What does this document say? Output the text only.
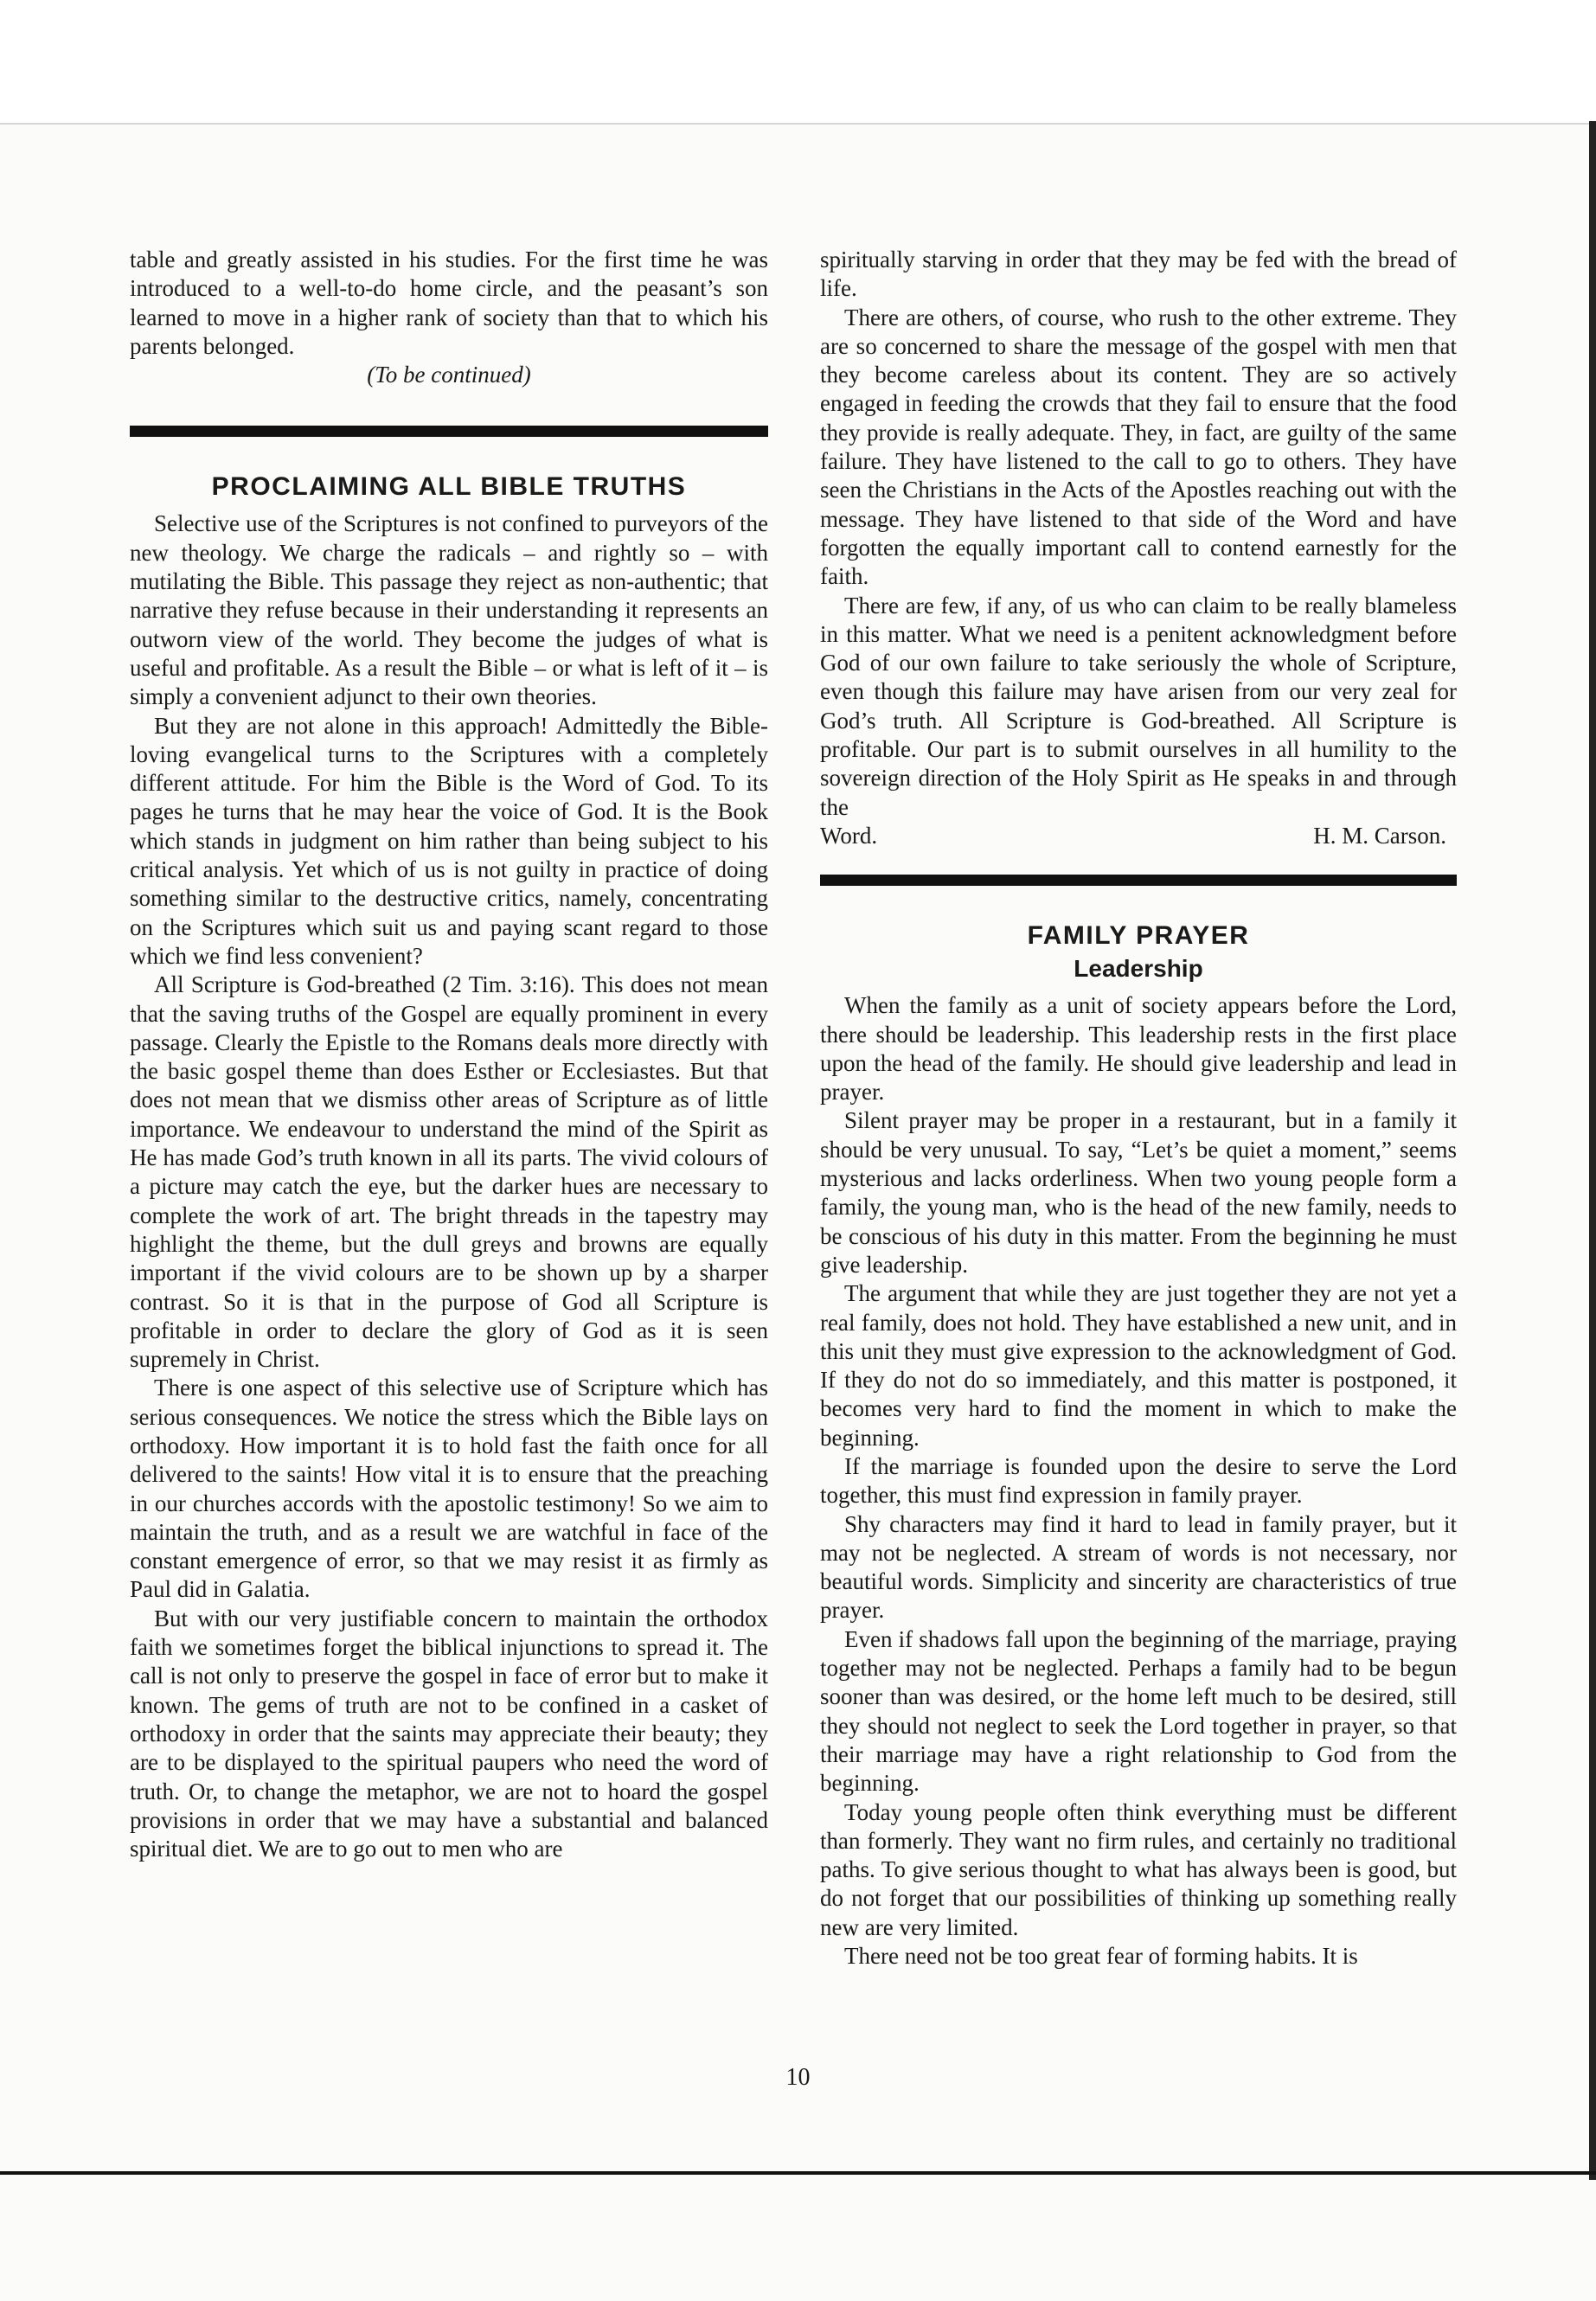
table and greatly assisted in his studies. For the first time he was introduced to a well-to-do home circle, and the peasant’s son learned to move in a higher rank of society than that to which his parents belonged.

(To be continued)

PROCLAIMING ALL BIBLE TRUTHS

Selective use of the Scriptures is not confined to purveyors of the new theology. We charge the radicals – and rightly so – with mutilating the Bible. This passage they reject as non-authentic; that narrative they refuse because in their understanding it represents an outworn view of the world. They become the judges of what is useful and profitable. As a result the Bible – or what is left of it – is simply a convenient adjunct to their own theories.

But they are not alone in this approach! Admittedly the Bible-loving evangelical turns to the Scriptures with a completely different attitude. For him the Bible is the Word of God. To its pages he turns that he may hear the voice of God. It is the Book which stands in judgment on him rather than being subject to his critical analysis. Yet which of us is not guilty in practice of doing something similar to the destructive critics, namely, concentrating on the Scriptures which suit us and paying scant regard to those which we find less convenient?

All Scripture is God-breathed (2 Tim. 3:16). This does not mean that the saving truths of the Gospel are equally prominent in every passage. Clearly the Epistle to the Romans deals more directly with the basic gospel theme than does Esther or Ecclesiastes. But that does not mean that we dismiss other areas of Scripture as of little importance. We endeavour to understand the mind of the Spirit as He has made God’s truth known in all its parts. The vivid colours of a picture may catch the eye, but the darker hues are necessary to complete the work of art. The bright threads in the tapestry may highlight the theme, but the dull greys and browns are equally important if the vivid colours are to be shown up by a sharper contrast. So it is that in the purpose of God all Scripture is profitable in order to declare the glory of God as it is seen supremely in Christ.

There is one aspect of this selective use of Scripture which has serious consequences. We notice the stress which the Bible lays on orthodoxy. How important it is to hold fast the faith once for all delivered to the saints! How vital it is to ensure that the preaching in our churches accords with the apostolic testimony! So we aim to maintain the truth, and as a result we are watchful in face of the constant emergence of error, so that we may resist it as firmly as Paul did in Galatia.

But with our very justifiable concern to maintain the orthodox faith we sometimes forget the biblical injunctions to spread it. The call is not only to preserve the gospel in face of error but to make it known. The gems of truth are not to be confined in a casket of orthodoxy in order that the saints may appreciate their beauty; they are to be displayed to the spiritual paupers who need the word of truth. Or, to change the metaphor, we are not to hoard the gospel provisions in order that we may have a substantial and balanced spiritual diet. We are to go out to men who are

spiritually starving in order that they may be fed with the bread of life.

There are others, of course, who rush to the other extreme. They are so concerned to share the message of the gospel with men that they become careless about its content. They are so actively engaged in feeding the crowds that they fail to ensure that the food they provide is really adequate. They, in fact, are guilty of the same failure. They have listened to the call to go to others. They have seen the Christians in the Acts of the Apostles reaching out with the message. They have listened to that side of the Word and have forgotten the equally important call to contend earnestly for the faith.

There are few, if any, of us who can claim to be really blameless in this matter. What we need is a penitent acknowledgment before God of our own failure to take seriously the whole of Scripture, even though this failure may have arisen from our very zeal for God’s truth. All Scripture is God-breathed. All Scripture is profitable. Our part is to submit ourselves in all humility to the sovereign direction of the Holy Spirit as He speaks in and through the

Word.	H. M. Carson.

FAMILY PRAYER
Leadership

When the family as a unit of society appears before the Lord, there should be leadership. This leadership rests in the first place upon the head of the family. He should give leadership and lead in prayer.

Silent prayer may be proper in a restaurant, but in a family it should be very unusual. To say, “Let’s be quiet a moment,” seems mysterious and lacks orderliness. When two young people form a family, the young man, who is the head of the new family, needs to be conscious of his duty in this matter. From the beginning he must give leadership.

The argument that while they are just together they are not yet a real family, does not hold. They have established a new unit, and in this unit they must give expression to the acknowledgment of God. If they do not do so immediately, and this matter is postponed, it becomes very hard to find the moment in which to make the beginning.

If the marriage is founded upon the desire to serve the Lord together, this must find expression in family prayer.

Shy characters may find it hard to lead in family prayer, but it may not be neglected. A stream of words is not necessary, nor beautiful words. Simplicity and sincerity are characteristics of true prayer.

Even if shadows fall upon the beginning of the marriage, praying together may not be neglected. Perhaps a family had to be begun sooner than was desired, or the home left much to be desired, still they should not neglect to seek the Lord together in prayer, so that their marriage may have a right relationship to God from the beginning.

Today young people often think everything must be different than formerly. They want no firm rules, and certainly no traditional paths. To give serious thought to what has always been is good, but do not forget that our possibilities of thinking up something really new are very limited.

There need not be too great fear of forming habits. It is

10
